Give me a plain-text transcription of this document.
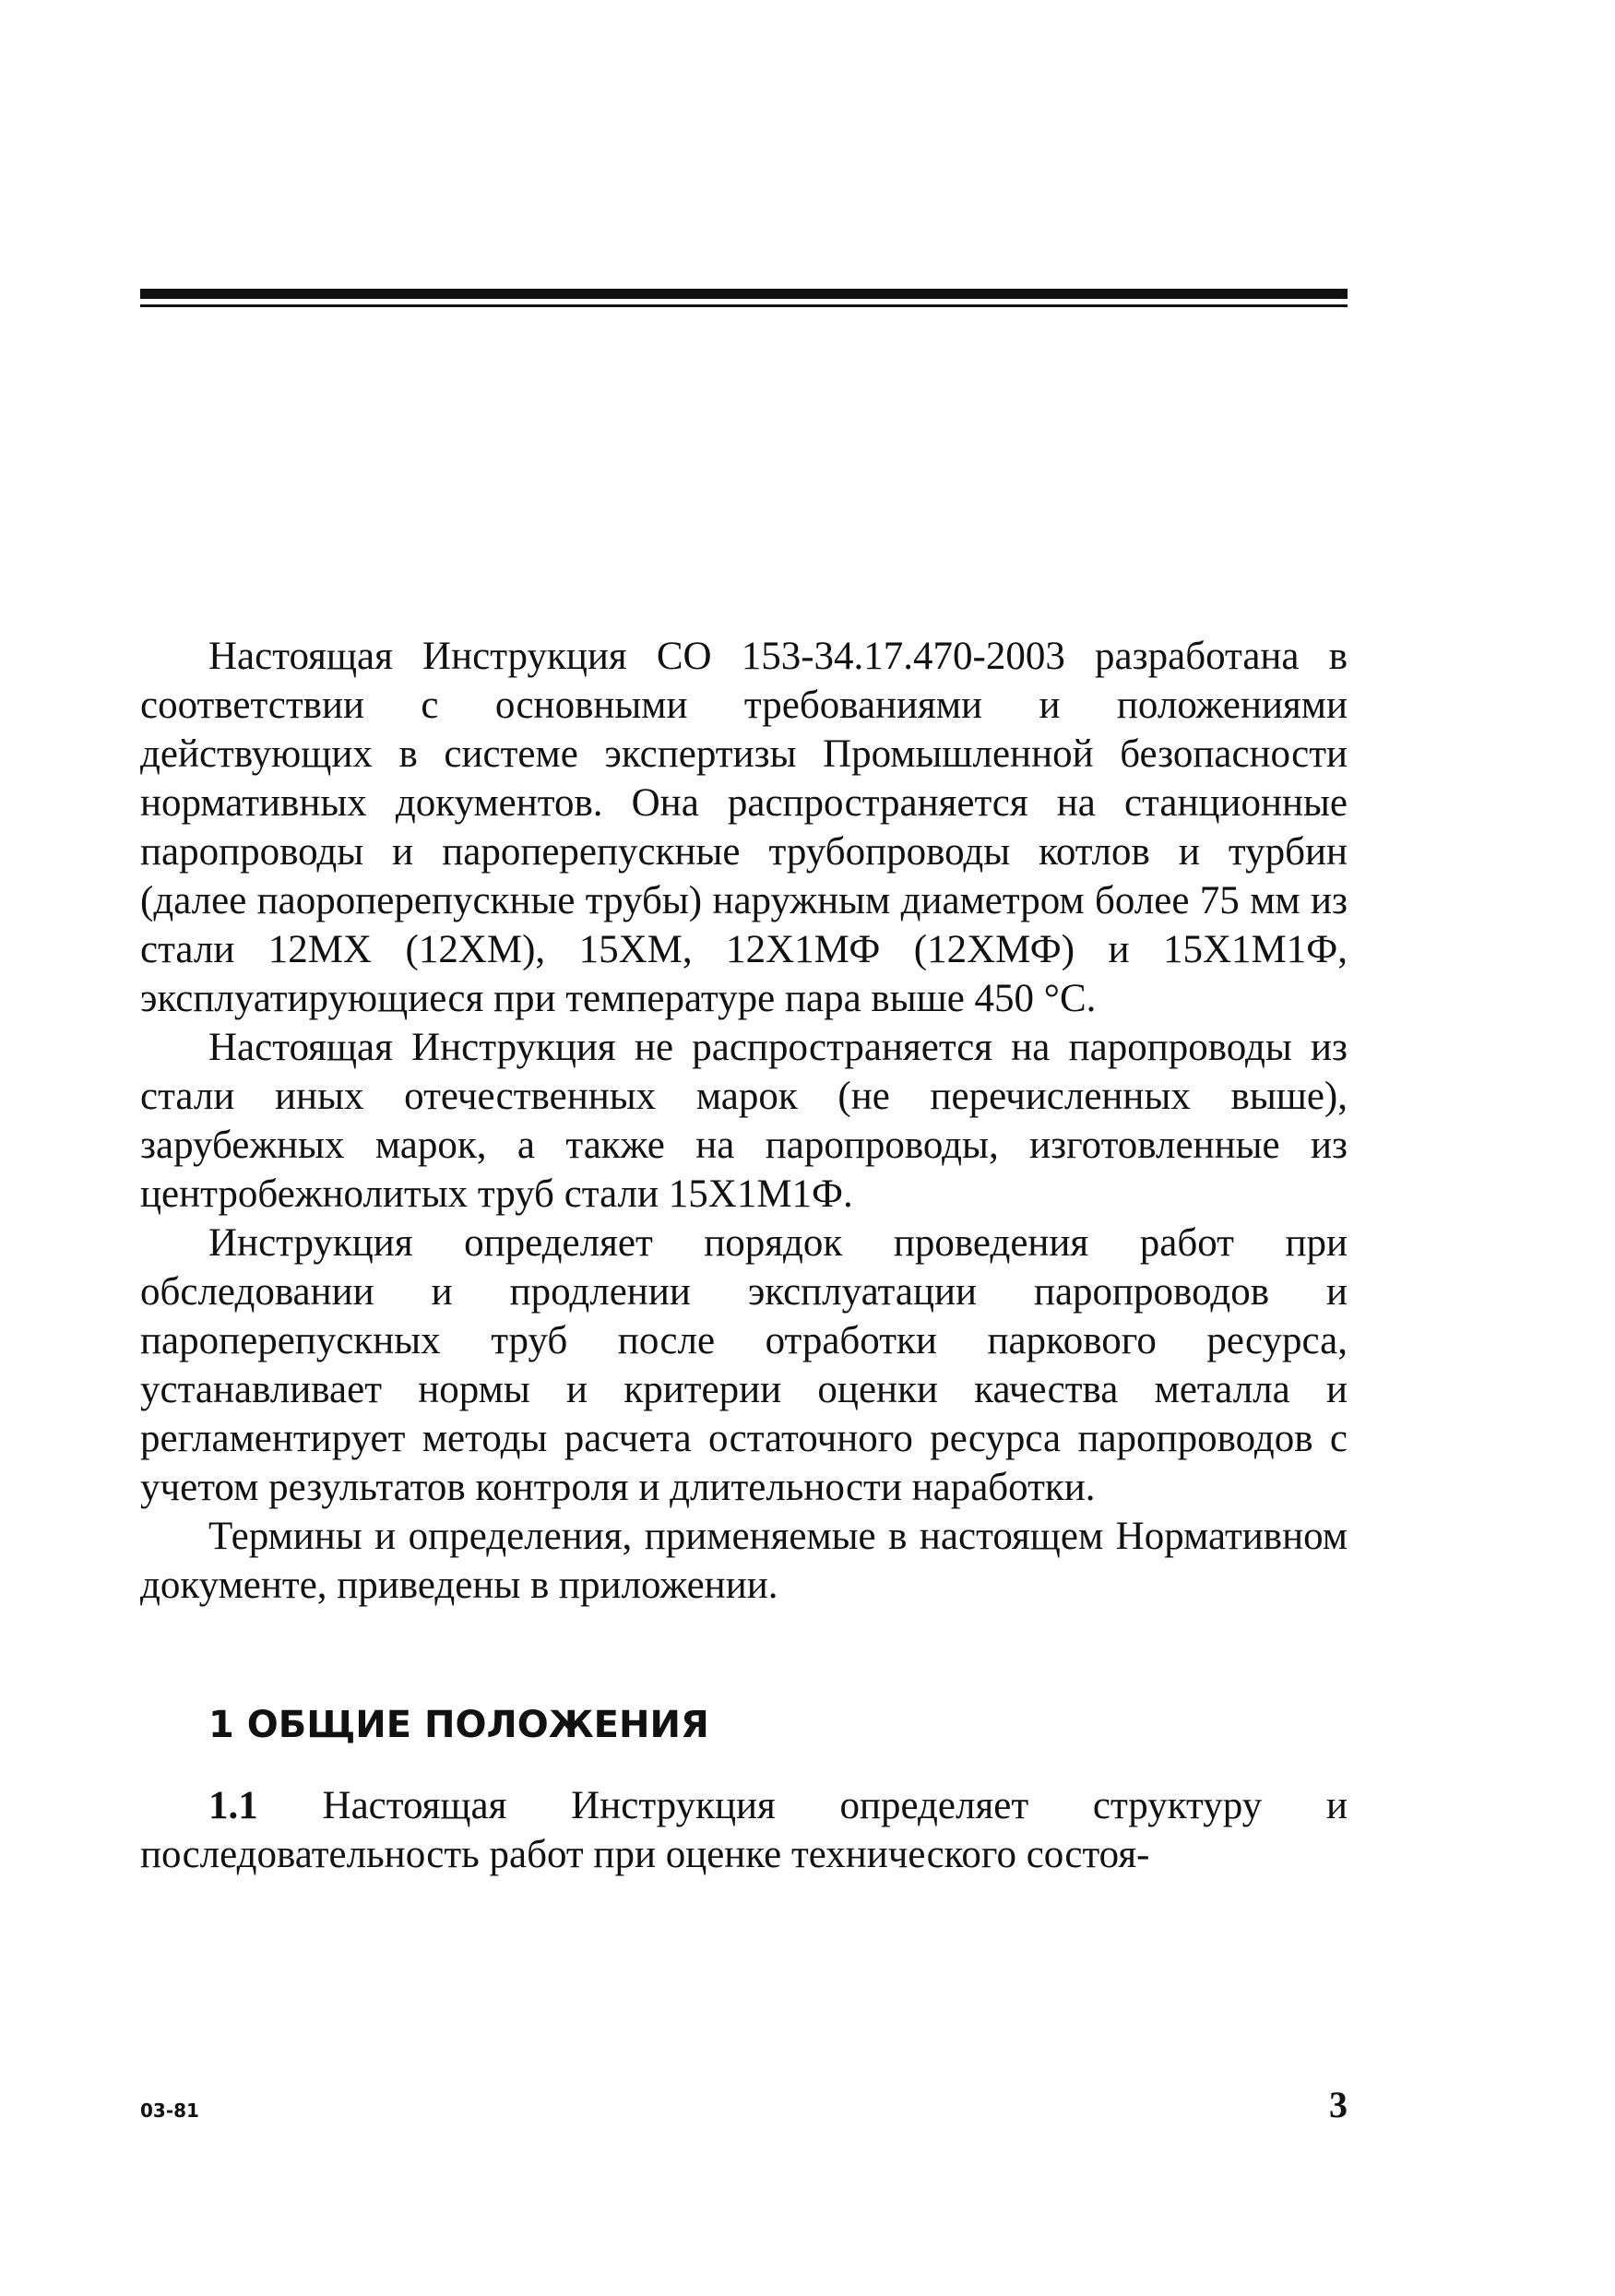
Настоящая Инструкция СО 153-34.17.470-2003 разработана в соответствии с основными требованиями и положениями действующих в системе экспертизы Промышленной безопасности нормативных документов. Она распространяется на станционные паропроводы и пароперепускные трубопроводы котлов и турбин (далее паороперепускные трубы) наружным диаметром более 75 мм из стали 12МХ (12ХМ), 15ХМ, 12Х1МФ (12ХМФ) и 15Х1М1Ф, эксплуатирующиеся при температуре пара выше 450 °С.

Настоящая Инструкция не распространяется на паропроводы из стали иных отечественных марок (не перечисленных выше), зарубежных марок, а также на паропроводы, изготовленные из центробежнолитых труб стали 15Х1М1Ф.

Инструкция определяет порядок проведения работ при обследовании и продлении эксплуатации паропроводов и пароперепускных труб после отработки паркового ресурса, устанавливает нормы и критерии оценки качества металла и регламентирует методы расчета остаточного ресурса паропроводов с учетом результатов контроля и длительности наработки.

Термины и определения, применяемые в настоящем Нормативном документе, приведены в приложении.

1 ОБЩИЕ ПОЛОЖЕНИЯ

1.1 Настоящая Инструкция определяет структуру и последовательность работ при оценке технического состоя-

03-81	3
